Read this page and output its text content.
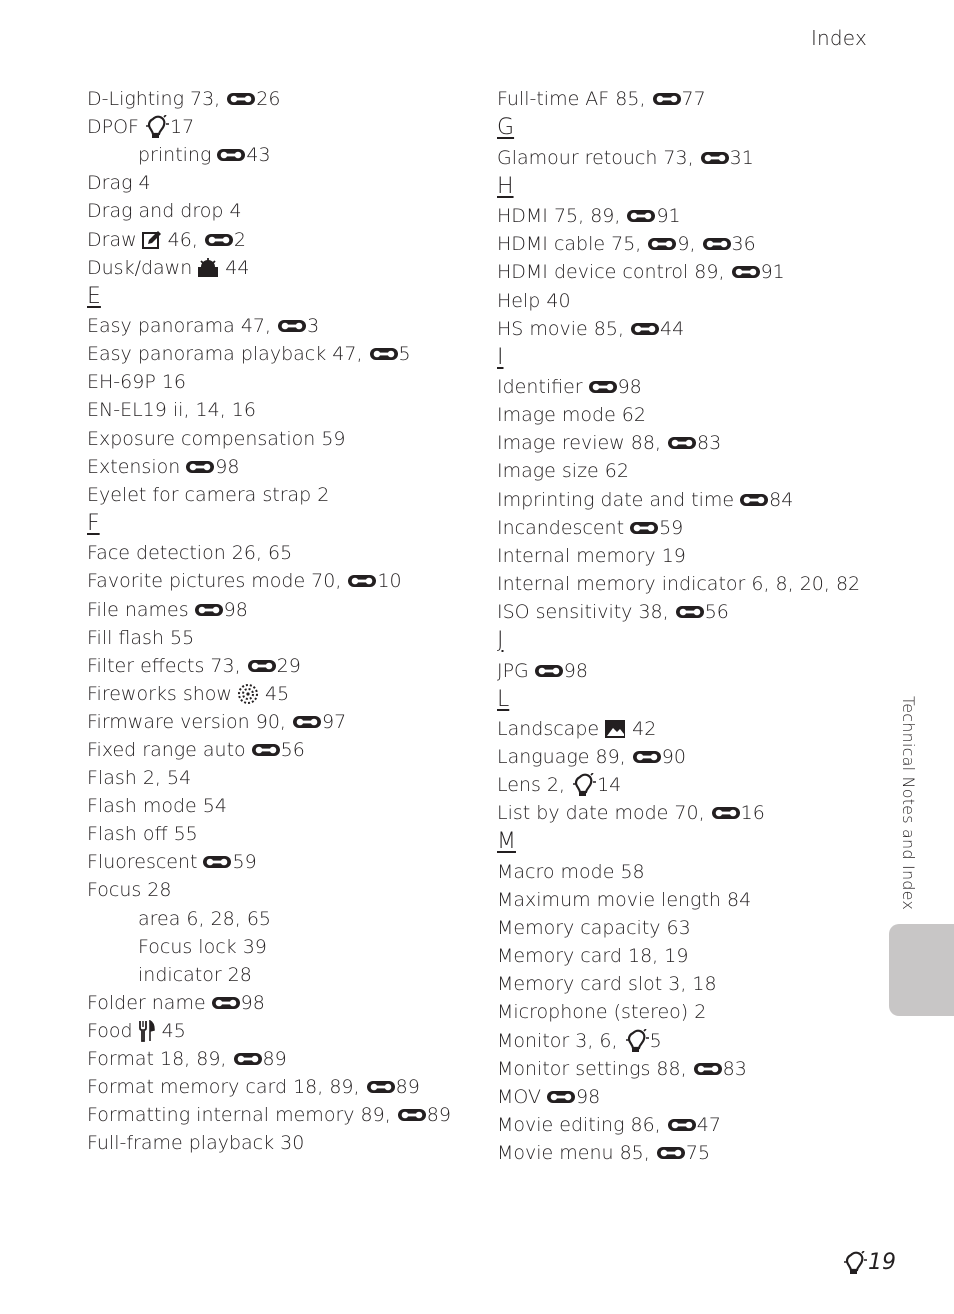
Index
D-Lighting 73, 26
DPOF 17
printing 43
Drag 4
Drag and drop 4
Draw 46, 2
Dusk/dawn 44
E
Easy panorama 47, 3
Easy panorama playback 47, 5
EH-69P 16
EN-EL19 ii, 14, 16
Exposure compensation 59
Extension 98
Eyelet for camera strap 2
F
Face detection 26, 65
Favorite pictures mode 70, 10
File names 98
Fill flash 55
Filter effects 73, 29
Fireworks show 45
Firmware version 90, 97
Fixed range auto 56
Flash 2, 54
Flash mode 54
Flash off 55
Fluorescent 59
Focus 28
area 6, 28, 65
Focus lock 39
indicator 28
Folder name 98
Food 45
Format 18, 89, 89
Format memory card 18, 89, 89
Formatting internal memory 89, 89
Full-frame playback 30
Full-time AF 85, 77
G
Glamour retouch 73, 31
H
HDMI 75, 89, 91
HDMI cable 75, 9, 36
HDMI device control 89, 91
Help 40
HS movie 85, 44
I
Identifier 98
Image mode 62
Image review 88, 83
Image size 62
Imprinting date and time 84
Incandescent 59
Internal memory 19
Internal memory indicator 6, 8, 20, 82
ISO sensitivity 38, 56
J
JPG 98
L
Landscape 42
Language 89, 90
Lens 2, 14
List by date mode 70, 16
M
Macro mode 58
Maximum movie length 84
Memory capacity 63
Memory card 18, 19
Memory card slot 3, 18
Microphone (stereo) 2
Monitor 3, 6, 5
Monitor settings 88, 83
MOV 98
Movie editing 86, 47
Movie menu 85, 75
Technical Notes and Index
19
